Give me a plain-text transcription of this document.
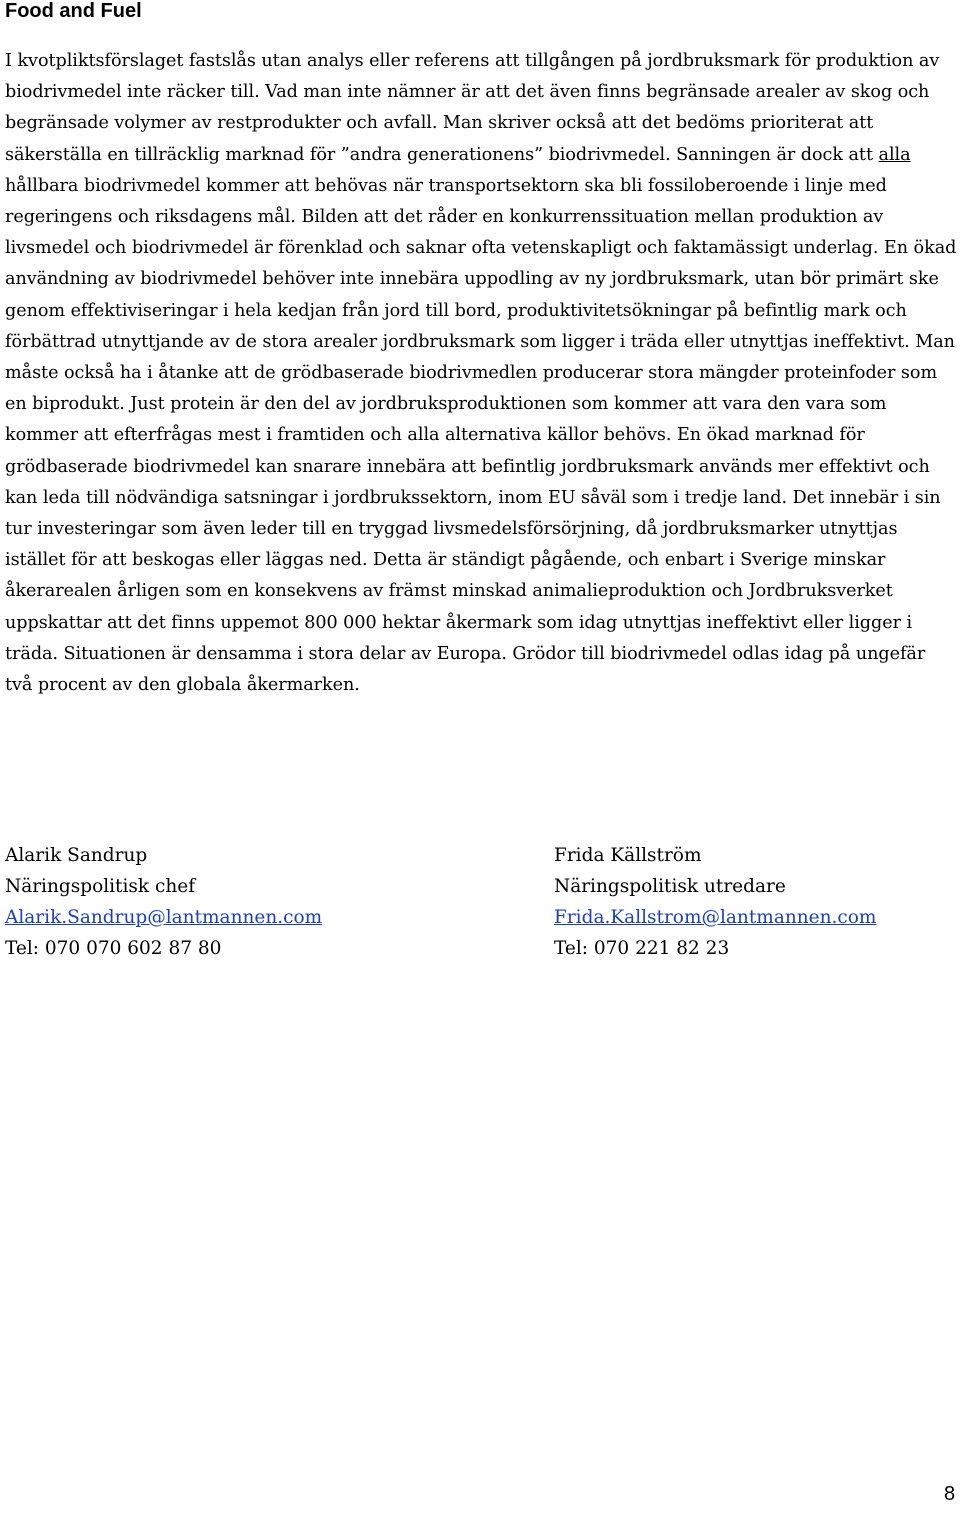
Food and Fuel

I kvotpliktsförslaget fastslås utan analys eller referens att tillgången på jordbruksmark för produktion av biodrivmedel inte räcker till. Vad man inte nämner är att det även finns begränsade arealer av skog och begränsade volymer av restprodukter och avfall. Man skriver också att det bedöms prioriterat att säkerställa en tillräcklig marknad för ”andra generationens” biodrivmedel. Sanningen är dock att alla hållbara biodrivmedel kommer att behövas när transportsektorn ska bli fossiloberoende i linje med regeringens och riksdagens mål. Bilden att det råder en konkurrenssituation mellan produktion av livsmedel och biodrivmedel är förenklad och saknar ofta vetenskapligt och faktamässigt underlag. En ökad användning av biodrivmedel behöver inte innebära uppodling av ny jordbruksmark, utan bör primärt ske genom effektiviseringar i hela kedjan från jord till bord, produktivitetsökningar på befintlig mark och förbättrad utnyttjande av de stora arealer jordbruksmark som ligger i träda eller utnyttjas ineffektivt. Man måste också ha i åtanke att de grödbaserade biodrivmedlen producerar stora mängder proteinfoder som en biprodukt. Just protein är den del av jordbruksproduktionen som kommer att vara den vara som kommer att efterfrågas mest i framtiden och alla alternativa källor behövs. En ökad marknad för grödbaserade biodrivmedel kan snarare innebära att befintlig jordbruksmark används mer effektivt och kan leda till nödvändiga satsningar i jordbrukssektorn, inom EU såväl som i tredje land. Det innebär i sin tur investeringar som även leder till en tryggad livsmedelsförsörjning, då jordbruksmarker utnyttjas istället för att beskogas eller läggas ned. Detta är ständigt pågående, och enbart i Sverige minskar åkerarealen årligen som en konsekvens av främst minskad animalieproduktion och Jordbruksverket uppskattar att det finns uppemot 800 000 hektar åkermark som idag utnyttjas ineffektivt eller ligger i träda. Situationen är densamma i stora delar av Europa. Grödor till biodrivmedel odlas idag på ungefär två procent av den globala åkermarken.

Alarik Sandrup
Näringspolitisk chef
Alarik.Sandrup@lantmannen.com
Tel: 070 070 602 87 80
Frida Källström
Näringspolitisk utredare
Frida.Kallstrom@lantmannen.com
Tel: 070 221 82 23
8
